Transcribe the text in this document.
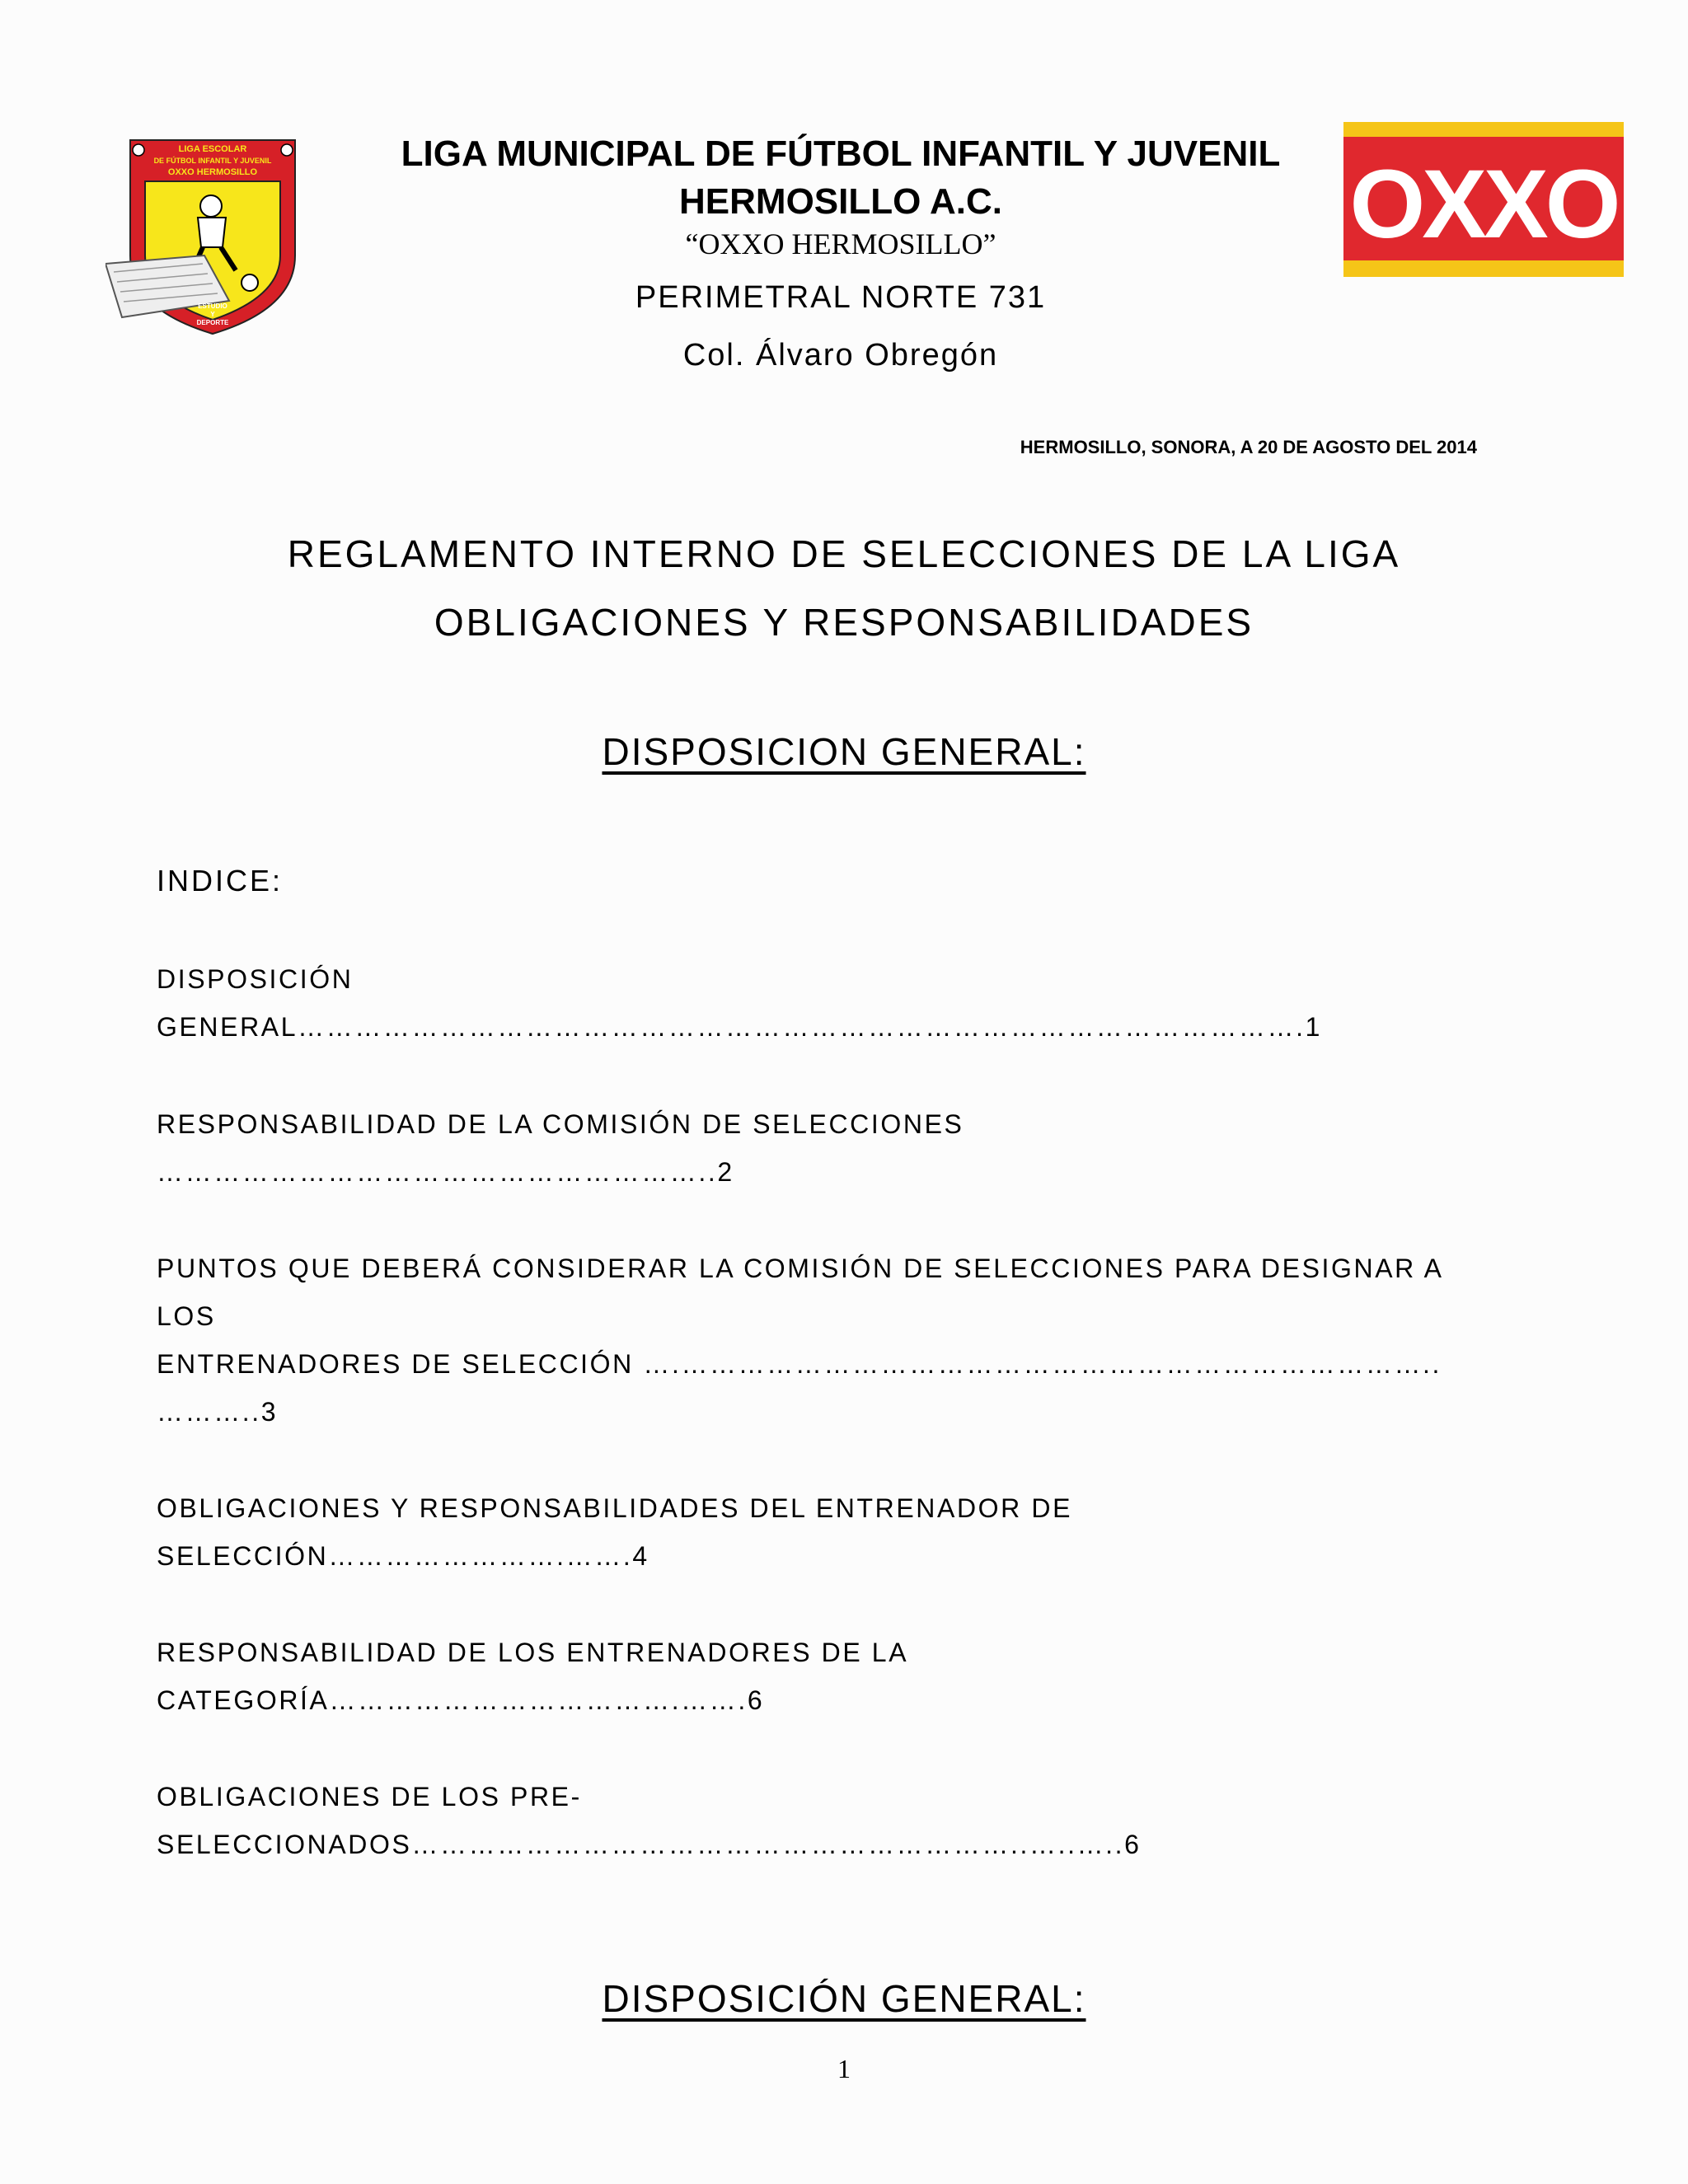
LIGA ESCOLAR
DE FÚTBOL INFANTIL Y JUVENIL
OXXO HERMOSILLO
ESTUDIO
Y
DEPORTE
OXXO
LIGA MUNICIPAL DE FÚTBOL INFANTIL Y JUVENIL
HERMOSILLO A.C.
“OXXO HERMOSILLO”
PERIMETRAL NORTE 731
Col. Álvaro Obregón
HERMOSILLO, SONORA, A 20 DE AGOSTO DEL 2014
REGLAMENTO INTERNO DE SELECCIONES DE LA LIGA
OBLIGACIONES Y RESPONSABILIDADES
DISPOSICION GENERAL:
INDICE:
DISPOSICIÓN
GENERAL…………………………………………………………………………………………….1
RESPONSABILIDAD DE LA COMISIÓN DE SELECCIONES
…………………………………………………..2
PUNTOS QUE DEBERÁ CONSIDERAR LA COMISIÓN DE SELECCIONES PARA DESIGNAR A
LOS
ENTRENADORES DE SELECCIÓN ….……………………………………………………………………..
………..3
OBLIGACIONES Y RESPONSABILIDADES DEL ENTRENADOR DE
SELECCIÓN…………………….…….4
RESPONSABILIDAD DE LOS ENTRENADORES DE LA
CATEGORÍA……………………………….…….6
OBLIGACIONES DE LOS PRE-
SELECCIONADOS………………………………………………………..…..…..6
DISPOSICIÓN GENERAL:
1
